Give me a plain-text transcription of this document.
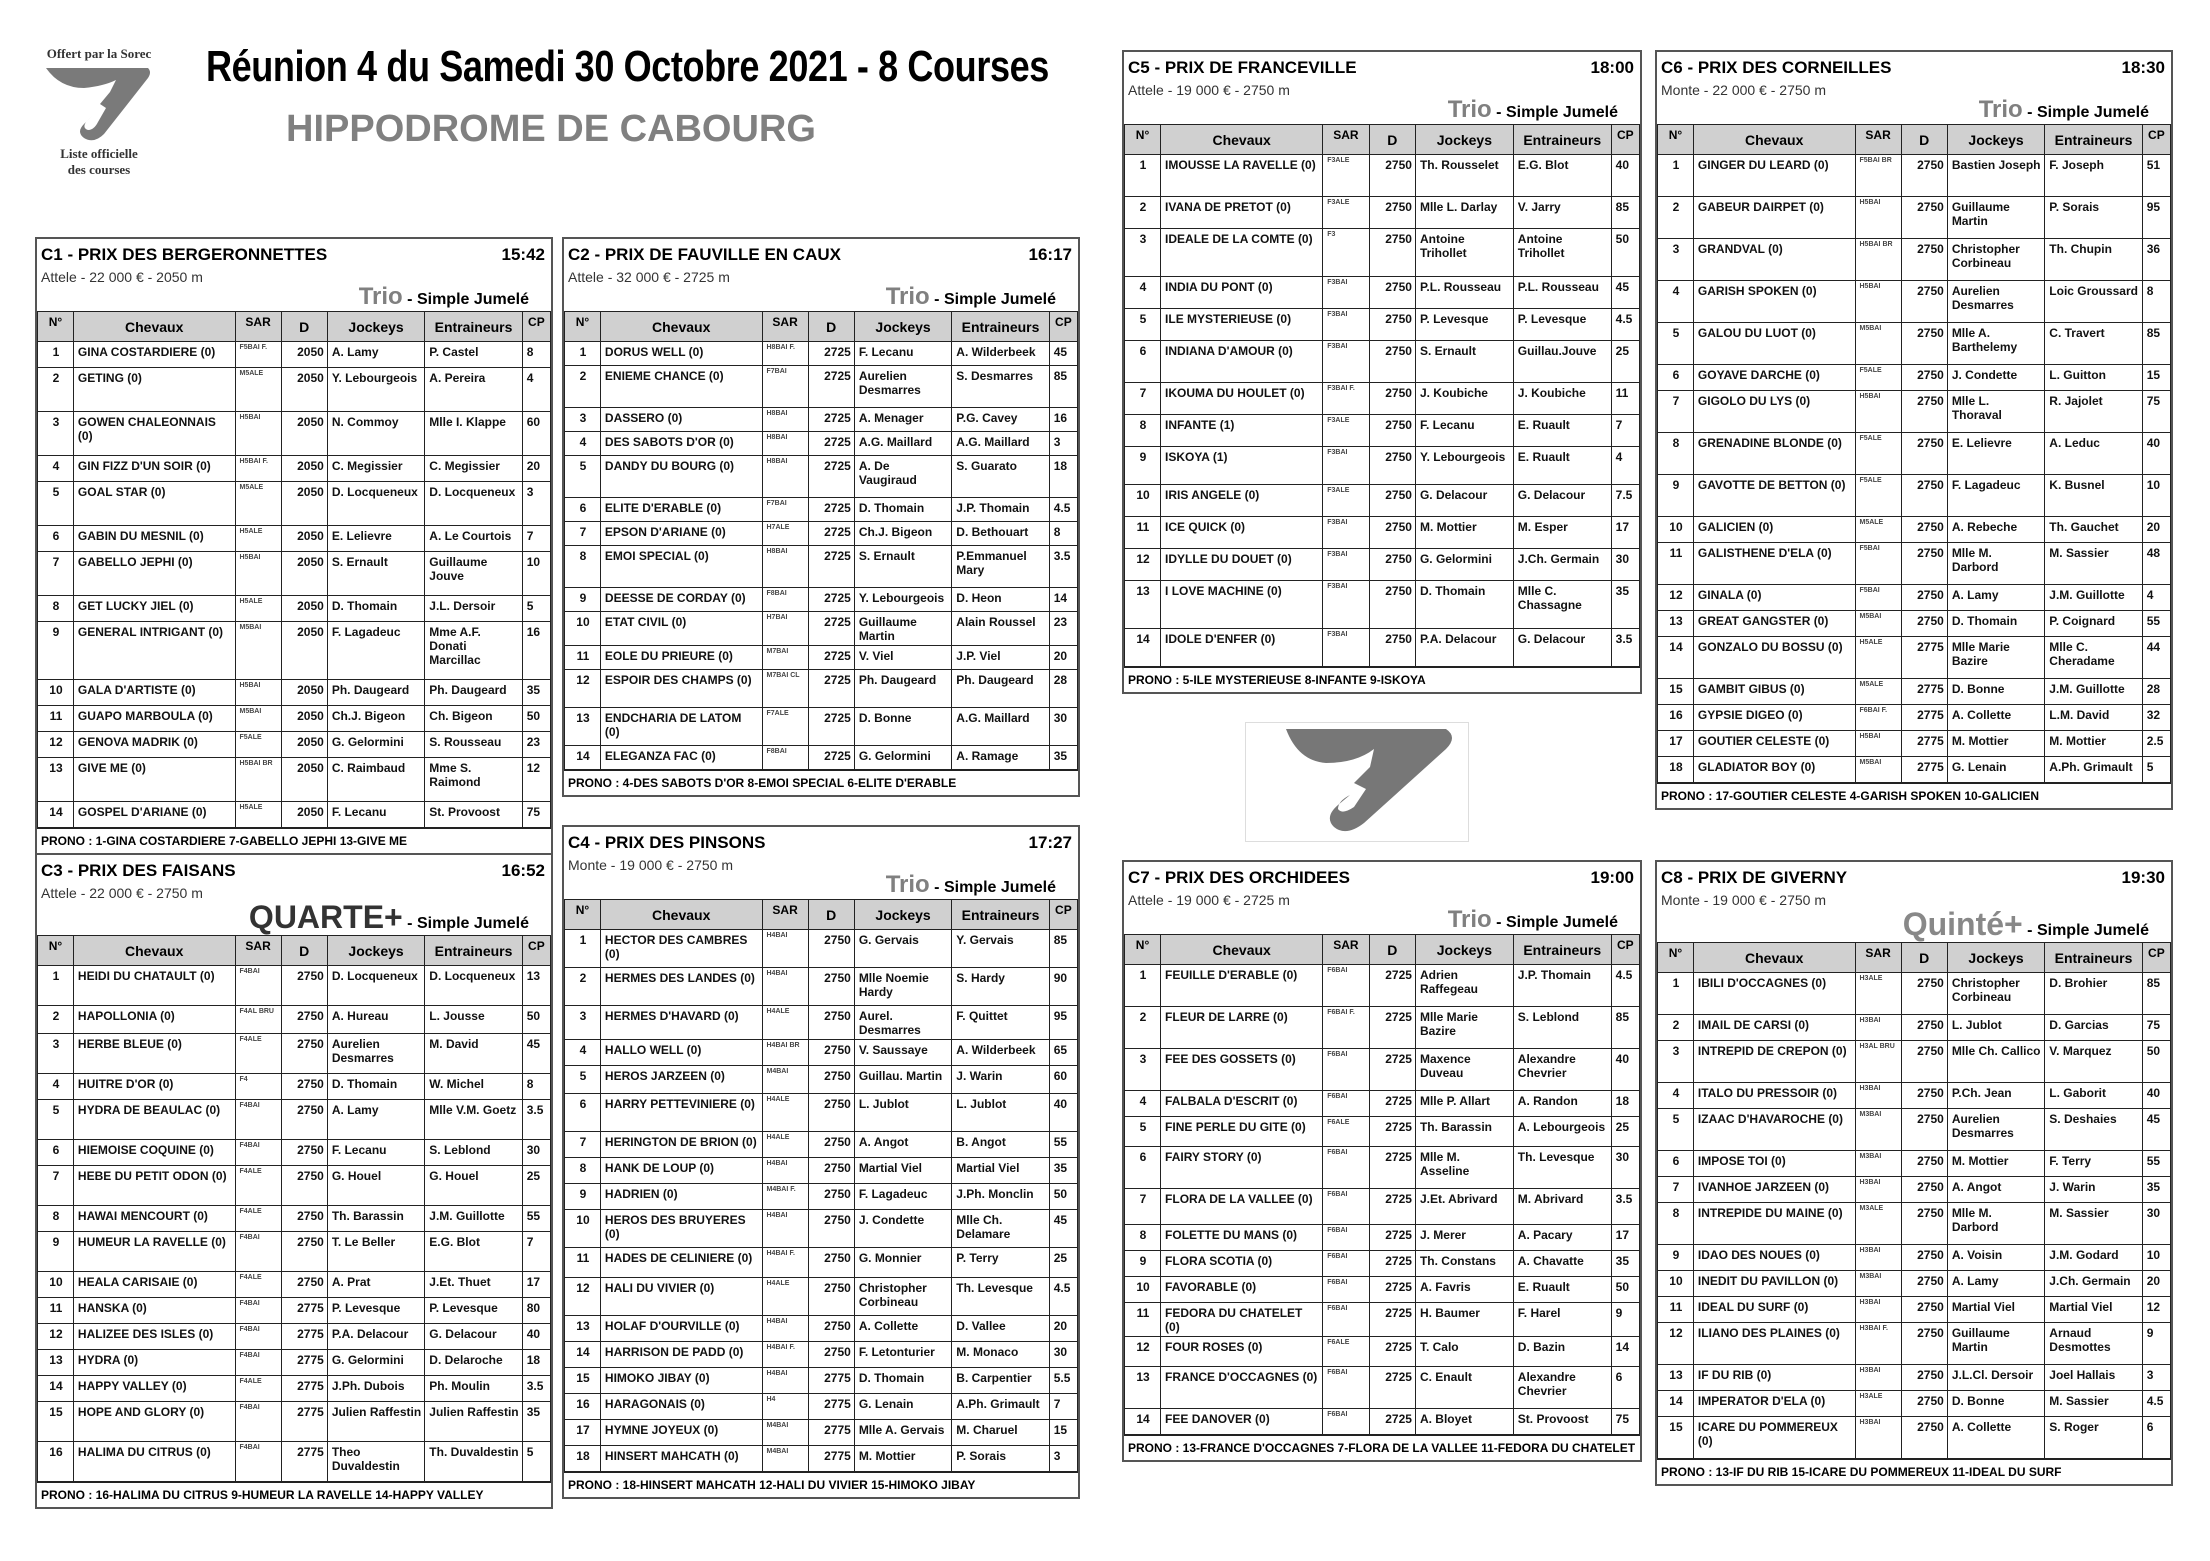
Offert par la Sorec
Liste officielle
des courses
Réunion 4 du Samedi 30 Octobre 2021 - 8 Courses
HIPPODROME DE CABOURG
C1 - PRIX DES BERGERONNETTES	15:42
Attele - 22 000 € - 2050 m
Trio - Simple Jumelé
N°	Chevaux	SAR	D	Jockeys	Entraineurs	CP
1	GINA COSTARDIERE (0)	F5BAI F.	2050	A. Lamy	P. Castel	8
2	GETING (0)	M5ALE	2050	Y. Lebourgeois	A. Pereira	4
3	GOWEN CHALEONNAIS (0)	H5BAI	2050	N. Commoy	Mlle I. Klappe	60
4	GIN FIZZ D'UN SOIR (0)	H5BAI F.	2050	C. Megissier	C. Megissier	20
5	GOAL STAR (0)	M5ALE	2050	D. Locqueneux	D. Locqueneux	3
6	GABIN DU MESNIL (0)	H5ALE	2050	E. Lelievre	A. Le Courtois	7
7	GABELLO JEPHI (0)	H5BAI	2050	S. Ernault	Guillaume Jouve	10
8	GET LUCKY JIEL (0)	H5ALE	2050	D. Thomain	J.L. Dersoir	5
9	GENERAL INTRIGANT (0)	M5BAI	2050	F. Lagadeuc	Mme A.F. Donati Marcillac	16
10	GALA D'ARTISTE (0)	H5BAI	2050	Ph. Daugeard	Ph. Daugeard	35
11	GUAPO MARBOULA (0)	M5BAI	2050	Ch.J. Bigeon	Ch. Bigeon	50
12	GENOVA MADRIK (0)	F5ALE	2050	G. Gelormini	S. Rousseau	23
13	GIVE ME (0)	H5BAI BR	2050	C. Raimbaud	Mme S. Raimond	12
14	GOSPEL D'ARIANE (0)	H5ALE	2050	F. Lecanu	St. Provoost	75
PRONO : 1-GINA COSTARDIERE 7-GABELLO JEPHI 13-GIVE ME
C2 - PRIX DE FAUVILLE EN CAUX	16:17
Attele - 32 000 € - 2725 m
Trio - Simple Jumelé
N°	Chevaux	SAR	D	Jockeys	Entraineurs	CP
1	DORUS WELL (0)	H8BAI F.	2725	F. Lecanu	A. Wilderbeek	45
2	ENIEME CHANCE (0)	F7BAI	2725	Aurelien Desmarres	S. Desmarres	85
3	DASSERO (0)	H8BAI	2725	A. Menager	P.G. Cavey	16
4	DES SABOTS D'OR (0)	H8BAI	2725	A.G. Maillard	A.G. Maillard	3
5	DANDY DU BOURG (0)	H8BAI	2725	A. De Vaugiraud	S. Guarato	18
6	ELITE D'ERABLE (0)	F7BAI	2725	D. Thomain	J.P. Thomain	4.5
7	EPSON D'ARIANE (0)	H7ALE	2725	Ch.J. Bigeon	D. Bethouart	8
8	EMOI SPECIAL (0)	H8BAI	2725	S. Ernault	P.Emmanuel Mary	3.5
9	DEESSE DE CORDAY (0)	F8BAI	2725	Y. Lebourgeois	D. Heon	14
10	ETAT CIVIL (0)	H7BAI	2725	Guillaume Martin	Alain Roussel	23
11	EOLE DU PRIEURE (0)	M7BAI	2725	V. Viel	J.P. Viel	20
12	ESPOIR DES CHAMPS (0)	M7BAI CL	2725	Ph. Daugeard	Ph. Daugeard	28
13	ENDCHARIA DE LATOM (0)	F7ALE	2725	D. Bonne	A.G. Maillard	30
14	ELEGANZA FAC (0)	F8BAI	2725	G. Gelormini	A. Ramage	35
PRONO : 4-DES SABOTS D'OR 8-EMOI SPECIAL 6-ELITE D'ERABLE
C3 - PRIX DES FAISANS	16:52
Attele - 22 000 € - 2750 m
QUARTE+ - Simple Jumelé
N°	Chevaux	SAR	D	Jockeys	Entraineurs	CP
1	HEIDI DU CHATAULT (0)	F4BAI	2750	D. Locqueneux	D. Locqueneux	13
2	HAPOLLONIA (0)	F4AL BRU	2750	A. Hureau	L. Jousse	50
3	HERBE BLEUE (0)	F4ALE	2750	Aurelien Desmarres	M. David	45
4	HUITRE D'OR (0)	F4	2750	D. Thomain	W. Michel	8
5	HYDRA DE BEAULAC (0)	F4BAI	2750	A. Lamy	Mlle V.M. Goetz	3.5
6	HIEMOISE COQUINE (0)	F4BAI	2750	F. Lecanu	S. Leblond	30
7	HEBE DU PETIT ODON (0)	F4ALE	2750	G. Houel	G. Houel	25
8	HAWAI MENCOURT (0)	F4ALE	2750	Th. Barassin	J.M. Guillotte	55
9	HUMEUR LA RAVELLE (0)	F4BAI	2750	T. Le Beller	E.G. Blot	7
10	HEALA CARISAIE (0)	F4ALE	2750	A. Prat	J.Et. Thuet	17
11	HANSKA (0)	F4BAI	2775	P. Levesque	P. Levesque	80
12	HALIZEE DES ISLES (0)	F4BAI	2775	P.A. Delacour	G. Delacour	40
13	HYDRA (0)	F4BAI	2775	G. Gelormini	D. Delaroche	18
14	HAPPY VALLEY (0)	F4ALE	2775	J.Ph. Dubois	Ph. Moulin	3.5
15	HOPE AND GLORY (0)	F4BAI	2775	Julien Raffestin	Julien Raffestin	35
16	HALIMA DU CITRUS (0)	F4BAI	2775	Theo Duvaldestin	Th. Duvaldestin	5
PRONO : 16-HALIMA DU CITRUS 9-HUMEUR LA RAVELLE 14-HAPPY VALLEY
C4 - PRIX DES PINSONS	17:27
Monte - 19 000 € - 2750 m
Trio - Simple Jumelé
N°	Chevaux	SAR	D	Jockeys	Entraineurs	CP
1	HECTOR DES CAMBRES (0)	H4BAI	2750	G. Gervais	Y. Gervais	85
2	HERMES DES LANDES (0)	H4BAI	2750	Mlle Noemie Hardy	S. Hardy	90
3	HERMES D'HAVARD (0)	H4ALE	2750	Aurel. Desmarres	F. Quittet	95
4	HALLO WELL (0)	H4BAI BR	2750	V. Saussaye	A. Wilderbeek	65
5	HEROS JARZEEN (0)	M4BAI	2750	Guillau. Martin	J. Warin	60
6	HARRY PETTEVINIERE (0)	H4ALE	2750	L. Jublot	L. Jublot	40
7	HERINGTON DE BRION (0)	H4ALE	2750	A. Angot	B. Angot	55
8	HANK DE LOUP (0)	H4BAI	2750	Martial Viel	Martial Viel	35
9	HADRIEN (0)	M4BAI F.	2750	F. Lagadeuc	J.Ph. Monclin	50
10	HEROS DES BRUYERES (0)	H4BAI	2750	J. Condette	Mlle Ch. Delamare	45
11	HADES DE CELINIERE (0)	H4BAI F.	2750	G. Monnier	P. Terry	25
12	HALI DU VIVIER (0)	H4ALE	2750	Christopher Corbineau	Th. Levesque	4.5
13	HOLAF D'OURVILLE (0)	H4BAI	2750	A. Collette	D. Vallee	20
14	HARRISON DE PADD (0)	H4BAI F.	2750	F. Letonturier	M. Monaco	30
15	HIMOKO JIBAY (0)	H4BAI	2775	D. Thomain	B. Carpentier	5.5
16	HARAGONAIS (0)	H4	2775	G. Lenain	A.Ph. Grimault	7
17	HYMNE JOYEUX (0)	M4BAI	2775	Mlle A. Gervais	M. Charuel	15
18	HINSERT MAHCATH (0)	M4BAI	2775	M. Mottier	P. Sorais	3
PRONO : 18-HINSERT MAHCATH 12-HALI DU VIVIER 15-HIMOKO JIBAY
C5 - PRIX DE FRANCEVILLE	18:00
Attele - 19 000 € - 2750 m
Trio - Simple Jumelé
N°	Chevaux	SAR	D	Jockeys	Entraineurs	CP
1	IMOUSSE LA RAVELLE (0)	F3ALE	2750	Th. Rousselet	E.G. Blot	40
2	IVANA DE PRETOT (0)	F3ALE	2750	Mlle L. Darlay	V. Jarry	85
3	IDEALE DE LA COMTE (0)	F3	2750	Antoine Trihollet	Antoine Trihollet	50
4	INDIA DU PONT (0)	F3BAI	2750	P.L. Rousseau	P.L. Rousseau	45
5	ILE MYSTERIEUSE (0)	F3BAI	2750	P. Levesque	P. Levesque	4.5
6	INDIANA D'AMOUR (0)	F3BAI	2750	S. Ernault	Guillau.Jouve	25
7	IKOUMA DU HOULET (0)	F3BAI F.	2750	J. Koubiche	J. Koubiche	11
8	INFANTE (1)	F3ALE	2750	F. Lecanu	E. Ruault	7
9	ISKOYA (1)	F3BAI	2750	Y. Lebourgeois	E. Ruault	4
10	IRIS ANGELE (0)	F3ALE	2750	G. Delacour	G. Delacour	7.5
11	ICE QUICK (0)	F3BAI	2750	M. Mottier	M. Esper	17
12	IDYLLE DU DOUET (0)	F3BAI	2750	G. Gelormini	J.Ch. Germain	30
13	I LOVE MACHINE (0)	F3BAI	2750	D. Thomain	Mlle C. Chassagne	35
14	IDOLE D'ENFER (0)	F3BAI	2750	P.A. Delacour	G. Delacour	3.5
PRONO : 5-ILE MYSTERIEUSE 8-INFANTE 9-ISKOYA
C6 - PRIX DES CORNEILLES	18:30
Monte - 22 000 € - 2750 m
Trio - Simple Jumelé
N°	Chevaux	SAR	D	Jockeys	Entraineurs	CP
1	GINGER DU LEARD (0)	F5BAI BR	2750	Bastien Joseph	F. Joseph	51
2	GABEUR DAIRPET (0)	H5BAI	2750	Guillaume Martin	P. Sorais	95
3	GRANDVAL (0)	H5BAI BR	2750	Christopher Corbineau	Th. Chupin	36
4	GARISH SPOKEN (0)	H5BAI	2750	Aurelien Desmarres	Loic Groussard	8
5	GALOU DU LUOT (0)	M5BAI	2750	Mlle A. Barthelemy	C. Travert	85
6	GOYAVE DARCHE (0)	F5ALE	2750	J. Condette	L. Guitton	15
7	GIGOLO DU LYS (0)	H5BAI	2750	Mlle L. Thoraval	R. Jajolet	75
8	GRENADINE BLONDE (0)	F5ALE	2750	E. Lelievre	A. Leduc	40
9	GAVOTTE DE BETTON (0)	F5ALE	2750	F. Lagadeuc	K. Busnel	10
10	GALICIEN (0)	M5ALE	2750	A. Rebeche	Th. Gauchet	20
11	GALISTHENE D'ELA (0)	F5BAI	2750	Mlle M. Darbord	M. Sassier	48
12	GINALA (0)	F5BAI	2750	A. Lamy	J.M. Guillotte	4
13	GREAT GANGSTER (0)	M5BAI	2750	D. Thomain	P. Coignard	55
14	GONZALO DU BOSSU (0)	H5ALE	2775	Mlle Marie Bazire	Mlle C. Cheradame	44
15	GAMBIT GIBUS (0)	M5ALE	2775	D. Bonne	J.M. Guillotte	28
16	GYPSIE DIGEO (0)	F6BAI F.	2775	A. Collette	L.M. David	32
17	GOUTIER CELESTE (0)	H5BAI	2775	M. Mottier	M. Mottier	2.5
18	GLADIATOR BOY (0)	M5BAI	2775	G. Lenain	A.Ph. Grimault	5
PRONO : 17-GOUTIER CELESTE 4-GARISH SPOKEN 10-GALICIEN
C7 - PRIX DES ORCHIDEES	19:00
Attele - 19 000 € - 2725 m
Trio - Simple Jumelé
N°	Chevaux	SAR	D	Jockeys	Entraineurs	CP
1	FEUILLE D'ERABLE (0)	F6BAI	2725	Adrien Raffegeau	J.P. Thomain	4.5
2	FLEUR DE LARRE (0)	F6BAI F.	2725	Mlle Marie Bazire	S. Leblond	85
3	FEE DES GOSSETS (0)	F6BAI	2725	Maxence Duveau	Alexandre Chevrier	40
4	FALBALA D'ESCRIT (0)	F6BAI	2725	Mlle P. Allart	A. Randon	18
5	FINE PERLE DU GITE (0)	F6ALE	2725	Th. Barassin	A. Lebourgeois	25
6	FAIRY STORY (0)	F6BAI	2725	Mlle M. Asseline	Th. Levesque	30
7	FLORA DE LA VALLEE (0)	F6BAI	2725	J.Et. Abrivard	M. Abrivard	3.5
8	FOLETTE DU MANS (0)	F6BAI	2725	J. Merer	A. Pacary	17
9	FLORA SCOTIA (0)	F6BAI	2725	Th. Constans	A. Chavatte	35
10	FAVORABLE (0)	F6BAI	2725	A. Favris	E. Ruault	50
11	FEDORA DU CHATELET (0)	F6BAI	2725	H. Baumer	F. Harel	9
12	FOUR ROSES (0)	F6ALE	2725	T. Calo	D. Bazin	14
13	FRANCE D'OCCAGNES (0)	F6BAI	2725	C. Enault	Alexandre Chevrier	6
14	FEE DANOVER (0)	F6BAI	2725	A. Bloyet	St. Provoost	75
PRONO : 13-FRANCE D'OCCAGNES 7-FLORA DE LA VALLEE 11-FEDORA DU CHATELET
C8 - PRIX DE GIVERNY	19:30
Monte - 19 000 € - 2750 m
Quinté+ - Simple Jumelé
N°	Chevaux	SAR	D	Jockeys	Entraineurs	CP
1	IBILI D'OCCAGNES (0)	H3ALE	2750	Christopher Corbineau	D. Brohier	85
2	IMAIL DE CARSI (0)	H3BAI	2750	L. Jublot	D. Garcias	75
3	INTREPID DE CREPON (0)	H3AL BRU	2750	Mlle Ch. Callico	V. Marquez	50
4	ITALO DU PRESSOIR (0)	H3BAI	2750	P.Ch. Jean	L. Gaborit	40
5	IZAAC D'HAVAROCHE (0)	M3BAI	2750	Aurelien Desmarres	S. Deshaies	45
6	IMPOSE TOI (0)	M3BAI	2750	M. Mottier	F. Terry	55
7	IVANHOE JARZEEN (0)	H3BAI	2750	A. Angot	J. Warin	35
8	INTREPIDE DU MAINE (0)	M3ALE	2750	Mlle M. Darbord	M. Sassier	30
9	IDAO DES NOUES (0)	H3BAI	2750	A. Voisin	J.M. Godard	10
10	INEDIT DU PAVILLON (0)	M3BAI	2750	A. Lamy	J.Ch. Germain	20
11	IDEAL DU SURF (0)	H3BAI	2750	Martial Viel	Martial Viel	12
12	ILIANO DES PLAINES (0)	H3BAI F.	2750	Guillaume Martin	Arnaud Desmottes	9
13	IF DU RIB (0)	H3BAI	2750	J.L.Cl. Dersoir	Joel Hallais	3
14	IMPERATOR D'ELA (0)	H3ALE	2750	D. Bonne	M. Sassier	4.5
15	ICARE DU POMMEREUX (0)	H3BAI	2750	A. Collette	S. Roger	6
PRONO : 13-IF DU RIB 15-ICARE DU POMMEREUX 11-IDEAL DU SURF
